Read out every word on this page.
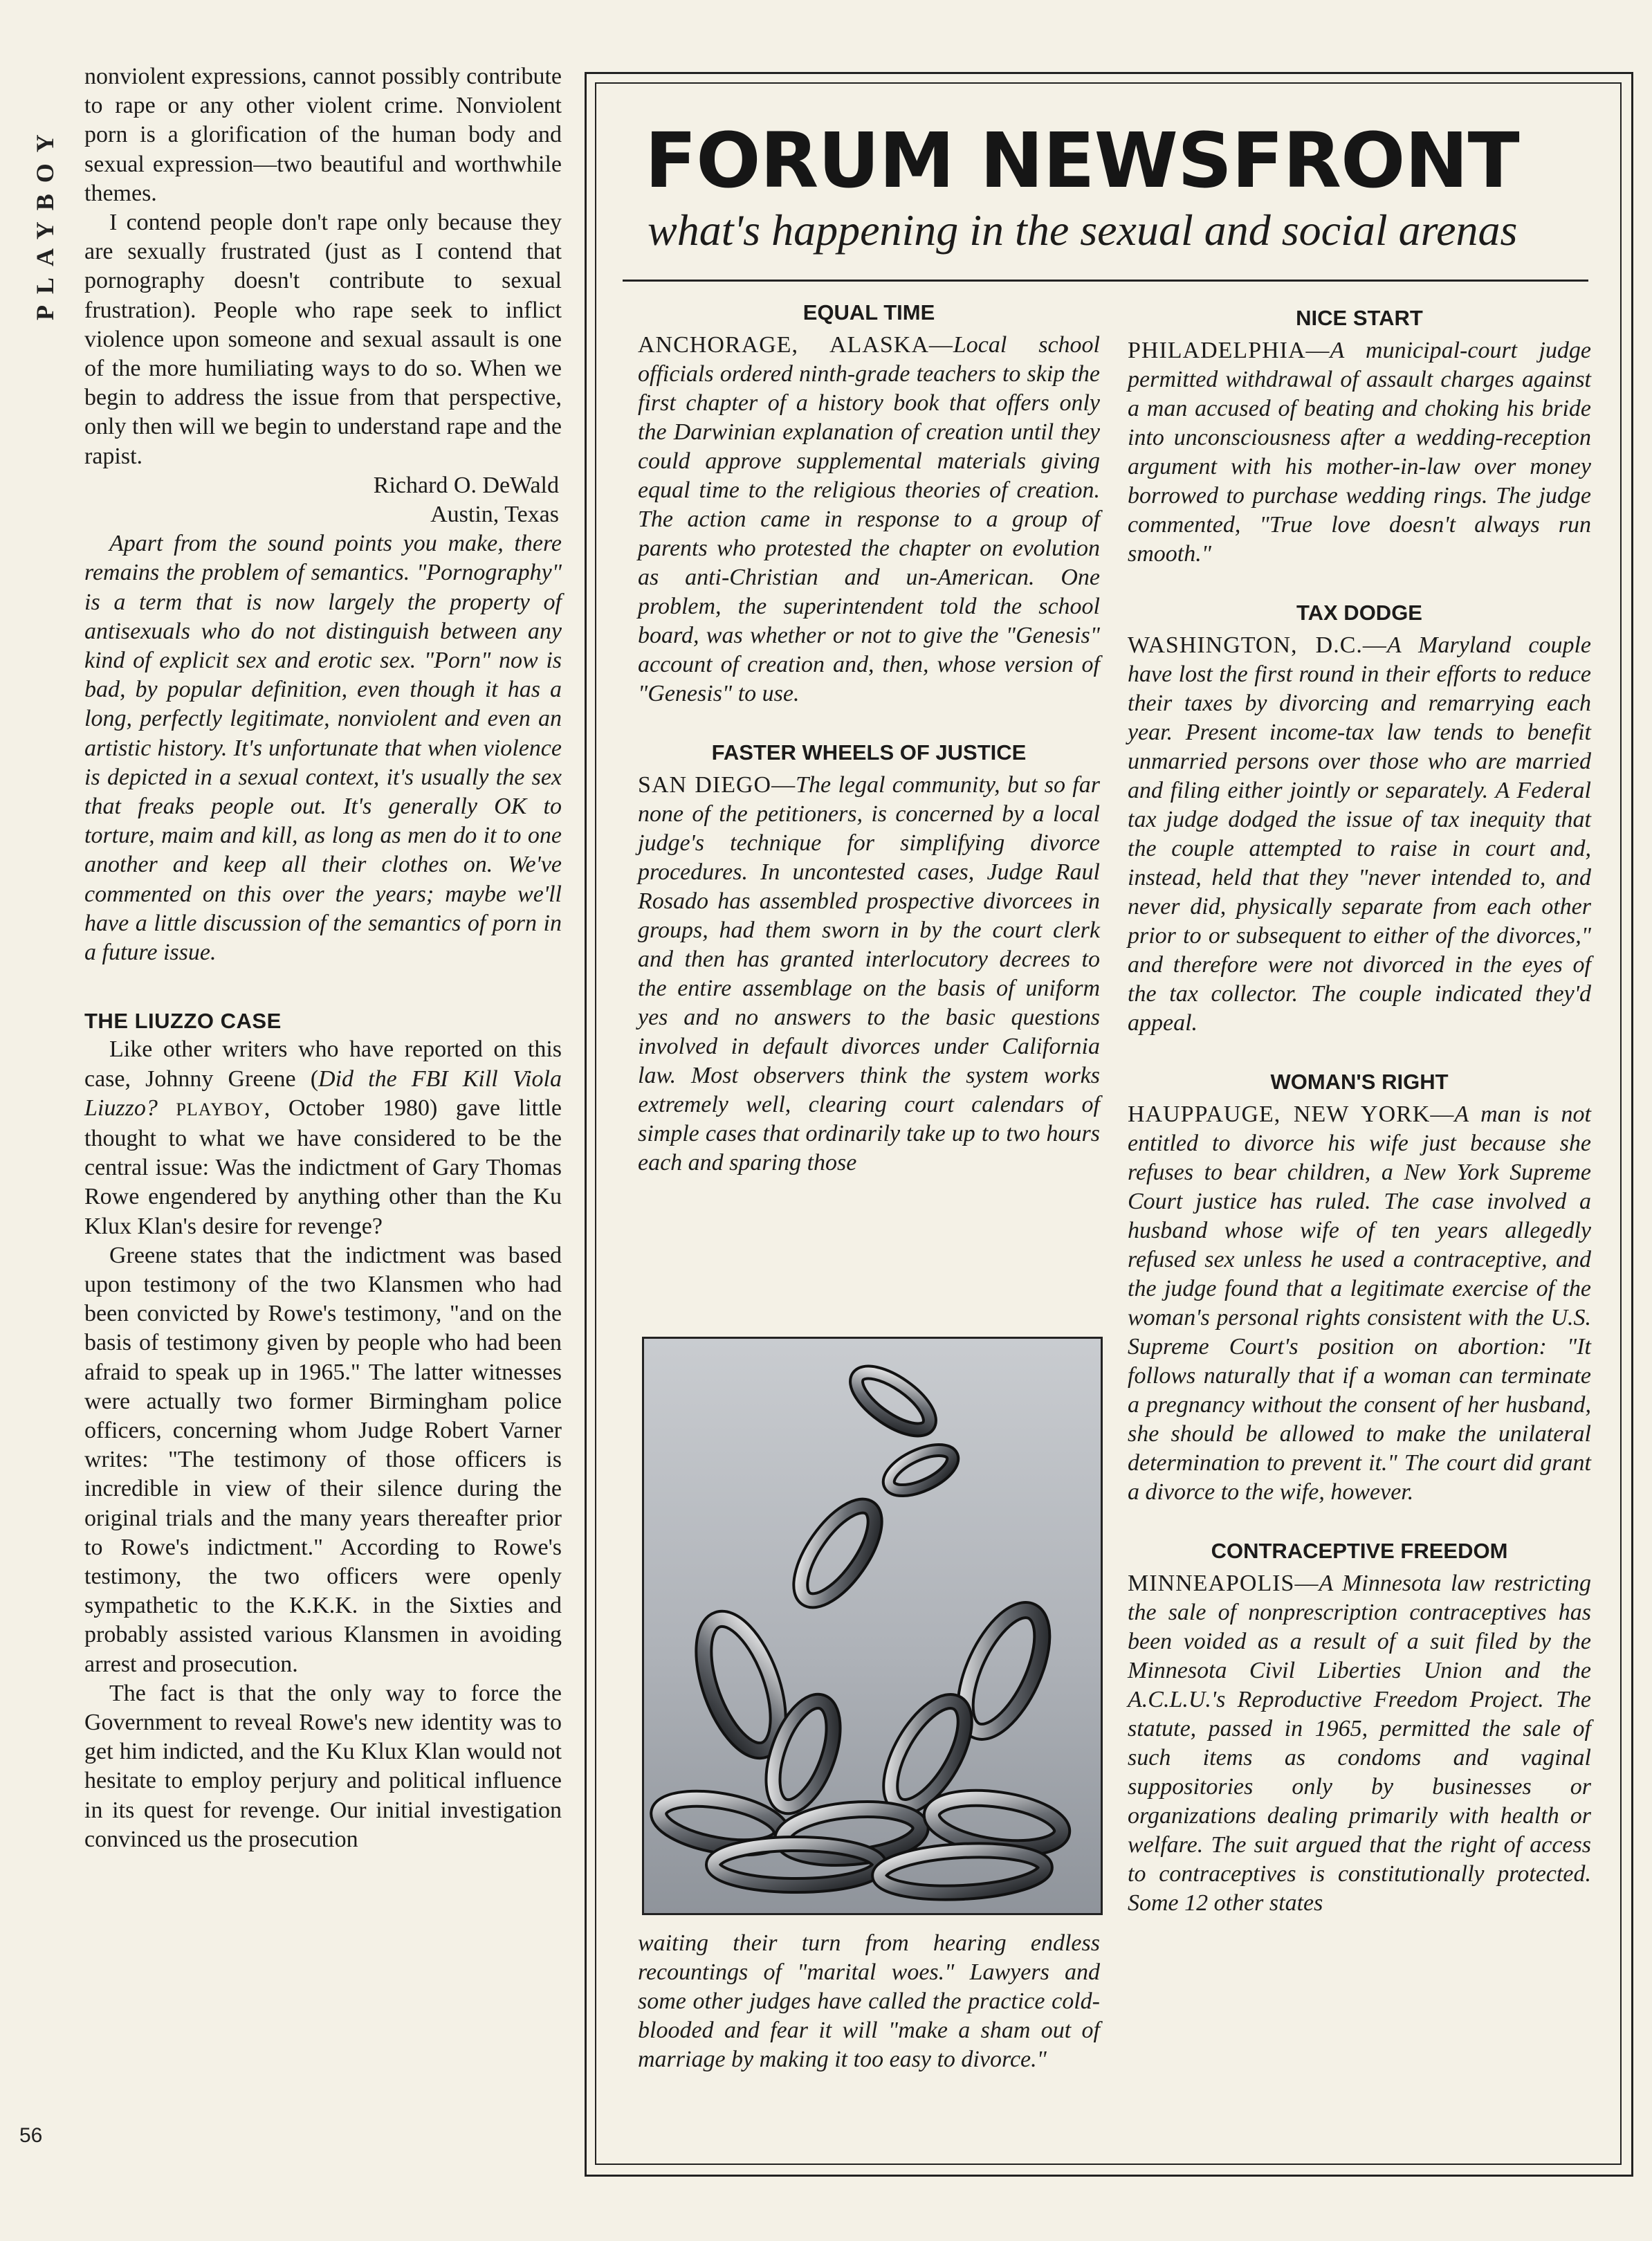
PLAYBOY
56

nonviolent expressions, cannot possibly contribute to rape or any other violent crime. Nonviolent porn is a glorification of the human body and sexual expression—two beautiful and worthwhile themes.

I contend people don't rape only because they are sexually frustrated (just as I contend that pornography doesn't contribute to sexual frustration). People who rape seek to inflict violence upon someone and sexual assault is one of the more humiliating ways to do so. When we begin to address the issue from that perspective, only then will we begin to understand rape and the rapist.

Richard O. DeWald

Austin, Texas

Apart from the sound points you make, there remains the problem of semantics. "Pornography" is a term that is now largely the property of antisexuals who do not distinguish between any kind of explicit sex and erotic sex. "Porn" now is bad, by popular definition, even though it has a long, perfectly legitimate, nonviolent and even an artistic history. It's unfortunate that when violence is depicted in a sexual context, it's usually the sex that freaks people out. It's generally OK to torture, maim and kill, as long as men do it to one another and keep all their clothes on. We've commented on this over the years; maybe we'll have a little discussion of the semantics of porn in a future issue.

THE LIUZZO CASE

Like other writers who have reported on this case, Johnny Greene (Did the FBI Kill Viola Liuzzo? PLAYBOY, October 1980) gave little thought to what we have considered to be the central issue: Was the indictment of Gary Thomas Rowe engendered by anything other than the Ku Klux Klan's desire for revenge?

Greene states that the indictment was based upon testimony of the two Klansmen who had been convicted by Rowe's testimony, "and on the basis of testimony given by people who had been afraid to speak up in 1965." The latter witnesses were actually two former Birmingham police officers, concerning whom Judge Robert Varner writes: "The testimony of those officers is incredible in view of their silence during the original trials and the many years thereafter prior to Rowe's indictment." According to Rowe's testimony, the two officers were openly sympathetic to the K.K.K. in the Sixties and probably assisted various Klansmen in avoiding arrest and prosecution.

The fact is that the only way to force the Government to reveal Rowe's new identity was to get him indicted, and the Ku Klux Klan would not hesitate to employ perjury and political influence in its quest for revenge. Our initial investigation convinced us the prosecution

FORUM NEWSFRONT
what's happening in the sexual and social arenas
EQUAL TIME

ANCHORAGE, ALASKA—Local school officials ordered ninth-grade teachers to skip the first chapter of a history book that offers only the Darwinian explanation of creation until they could approve supplemental materials giving equal time to the religious theories of creation. The action came in response to a group of parents who protested the chapter on evolution as anti-Christian and un-American. One problem, the superintendent told the school board, was whether or not to give the "Genesis" account of creation and, then, whose version of "Genesis" to use.

FASTER WHEELS OF JUSTICE

SAN DIEGO—The legal community, but so far none of the petitioners, is concerned by a local judge's technique for simplifying divorce procedures. In uncontested cases, Judge Raul Rosado has assembled prospective divorcees in groups, had them sworn in by the court clerk and then has granted interlocutory decrees to the entire assemblage on the basis of uniform yes and no answers to the basic questions involved in default divorces under California law. Most observers think the system works extremely well, clearing court calendars of simple cases that ordinarily take up to two hours each and sparing those

waiting their turn from hearing endless recountings of "marital woes." Lawyers and some other judges have called the practice cold-blooded and fear it will "make a sham out of marriage by making it too easy to divorce."

NICE START

PHILADELPHIA—A municipal-court judge permitted withdrawal of assault charges against a man accused of beating and choking his bride into unconsciousness after a wedding-reception argument with his mother-in-law over money borrowed to purchase wedding rings. The judge commented, "True love doesn't always run smooth."

TAX DODGE

WASHINGTON, D.C.—A Maryland couple have lost the first round in their efforts to reduce their taxes by divorcing and remarrying each year. Present income-tax law tends to benefit unmarried persons over those who are married and filing either jointly or separately. A Federal tax judge dodged the issue of tax inequity that the couple attempted to raise in court and, instead, held that they "never intended to, and never did, physically separate from each other prior to or subsequent to either of the divorces," and therefore were not divorced in the eyes of the tax collector. The couple indicated they'd appeal.

WOMAN'S RIGHT

HAUPPAUGE, NEW YORK—A man is not entitled to divorce his wife just because she refuses to bear children, a New York Supreme Court justice has ruled. The case involved a husband whose wife of ten years allegedly refused sex unless he used a contraceptive, and the judge found that a legitimate exercise of the woman's personal rights consistent with the U.S. Supreme Court's position on abortion: "It follows naturally that if a woman can terminate a pregnancy without the consent of her husband, she should be allowed to make the unilateral determination to prevent it." The court did grant a divorce to the wife, however.

CONTRACEPTIVE FREEDOM

MINNEAPOLIS—A Minnesota law restricting the sale of nonprescription contraceptives has been voided as a result of a suit filed by the Minnesota Civil Liberties Union and the A.C.L.U.'s Reproductive Freedom Project. The statute, passed in 1965, permitted the sale of such items as condoms and vaginal suppositories only by businesses or organizations dealing primarily with health or welfare. The suit argued that the right of access to contraceptives is constitutionally protected. Some 12 other states
